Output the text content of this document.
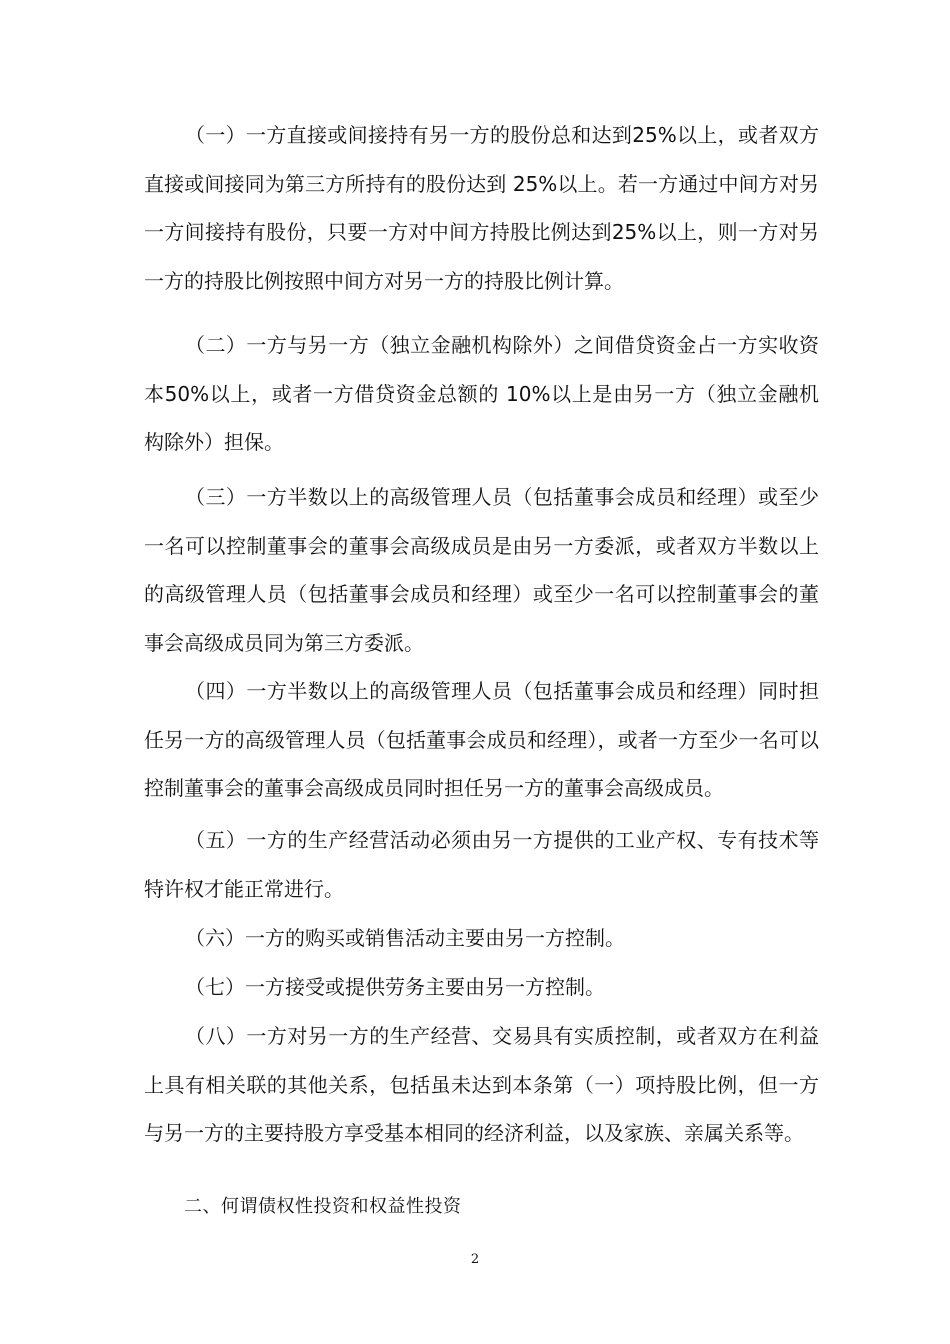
（一）一方直接或间接持有另一方的股份总和达到25%以上，或者双方直接或间接同为第三方所持有的股份达到 25%以上。若一方通过中间方对另一方间接持有股份，只要一方对中间方持股比例达到25%以上，则一方对另一方的持股比例按照中间方对另一方的持股比例计算。

（二）一方与另一方（独立金融机构除外）之间借贷资金占一方实收资本50%以上，或者一方借贷资金总额的 10%以上是由另一方（独立金融机构除外）担保。

（三）一方半数以上的高级管理人员（包括董事会成员和经理）或至少一名可以控制董事会的董事会高级成员是由另一方委派，或者双方半数以上的高级管理人员（包括董事会成员和经理）或至少一名可以控制董事会的董事会高级成员同为第三方委派。

（四）一方半数以上的高级管理人员（包括董事会成员和经理）同时担任另一方的高级管理人员（包括董事会成员和经理），或者一方至少一名可以控制董事会的董事会高级成员同时担任另一方的董事会高级成员。

（五）一方的生产经营活动必须由另一方提供的工业产权、专有技术等特许权才能正常进行。

（六）一方的购买或销售活动主要由另一方控制。

（七）一方接受或提供劳务主要由另一方控制。

（八）一方对另一方的生产经营、交易具有实质控制，或者双方在利益上具有相关联的其他关系，包括虽未达到本条第（一）项持股比例，但一方与另一方的主要持股方享受基本相同的经济利益，以及家族、亲属关系等。

二、何谓债权性投资和权益性投资

2
